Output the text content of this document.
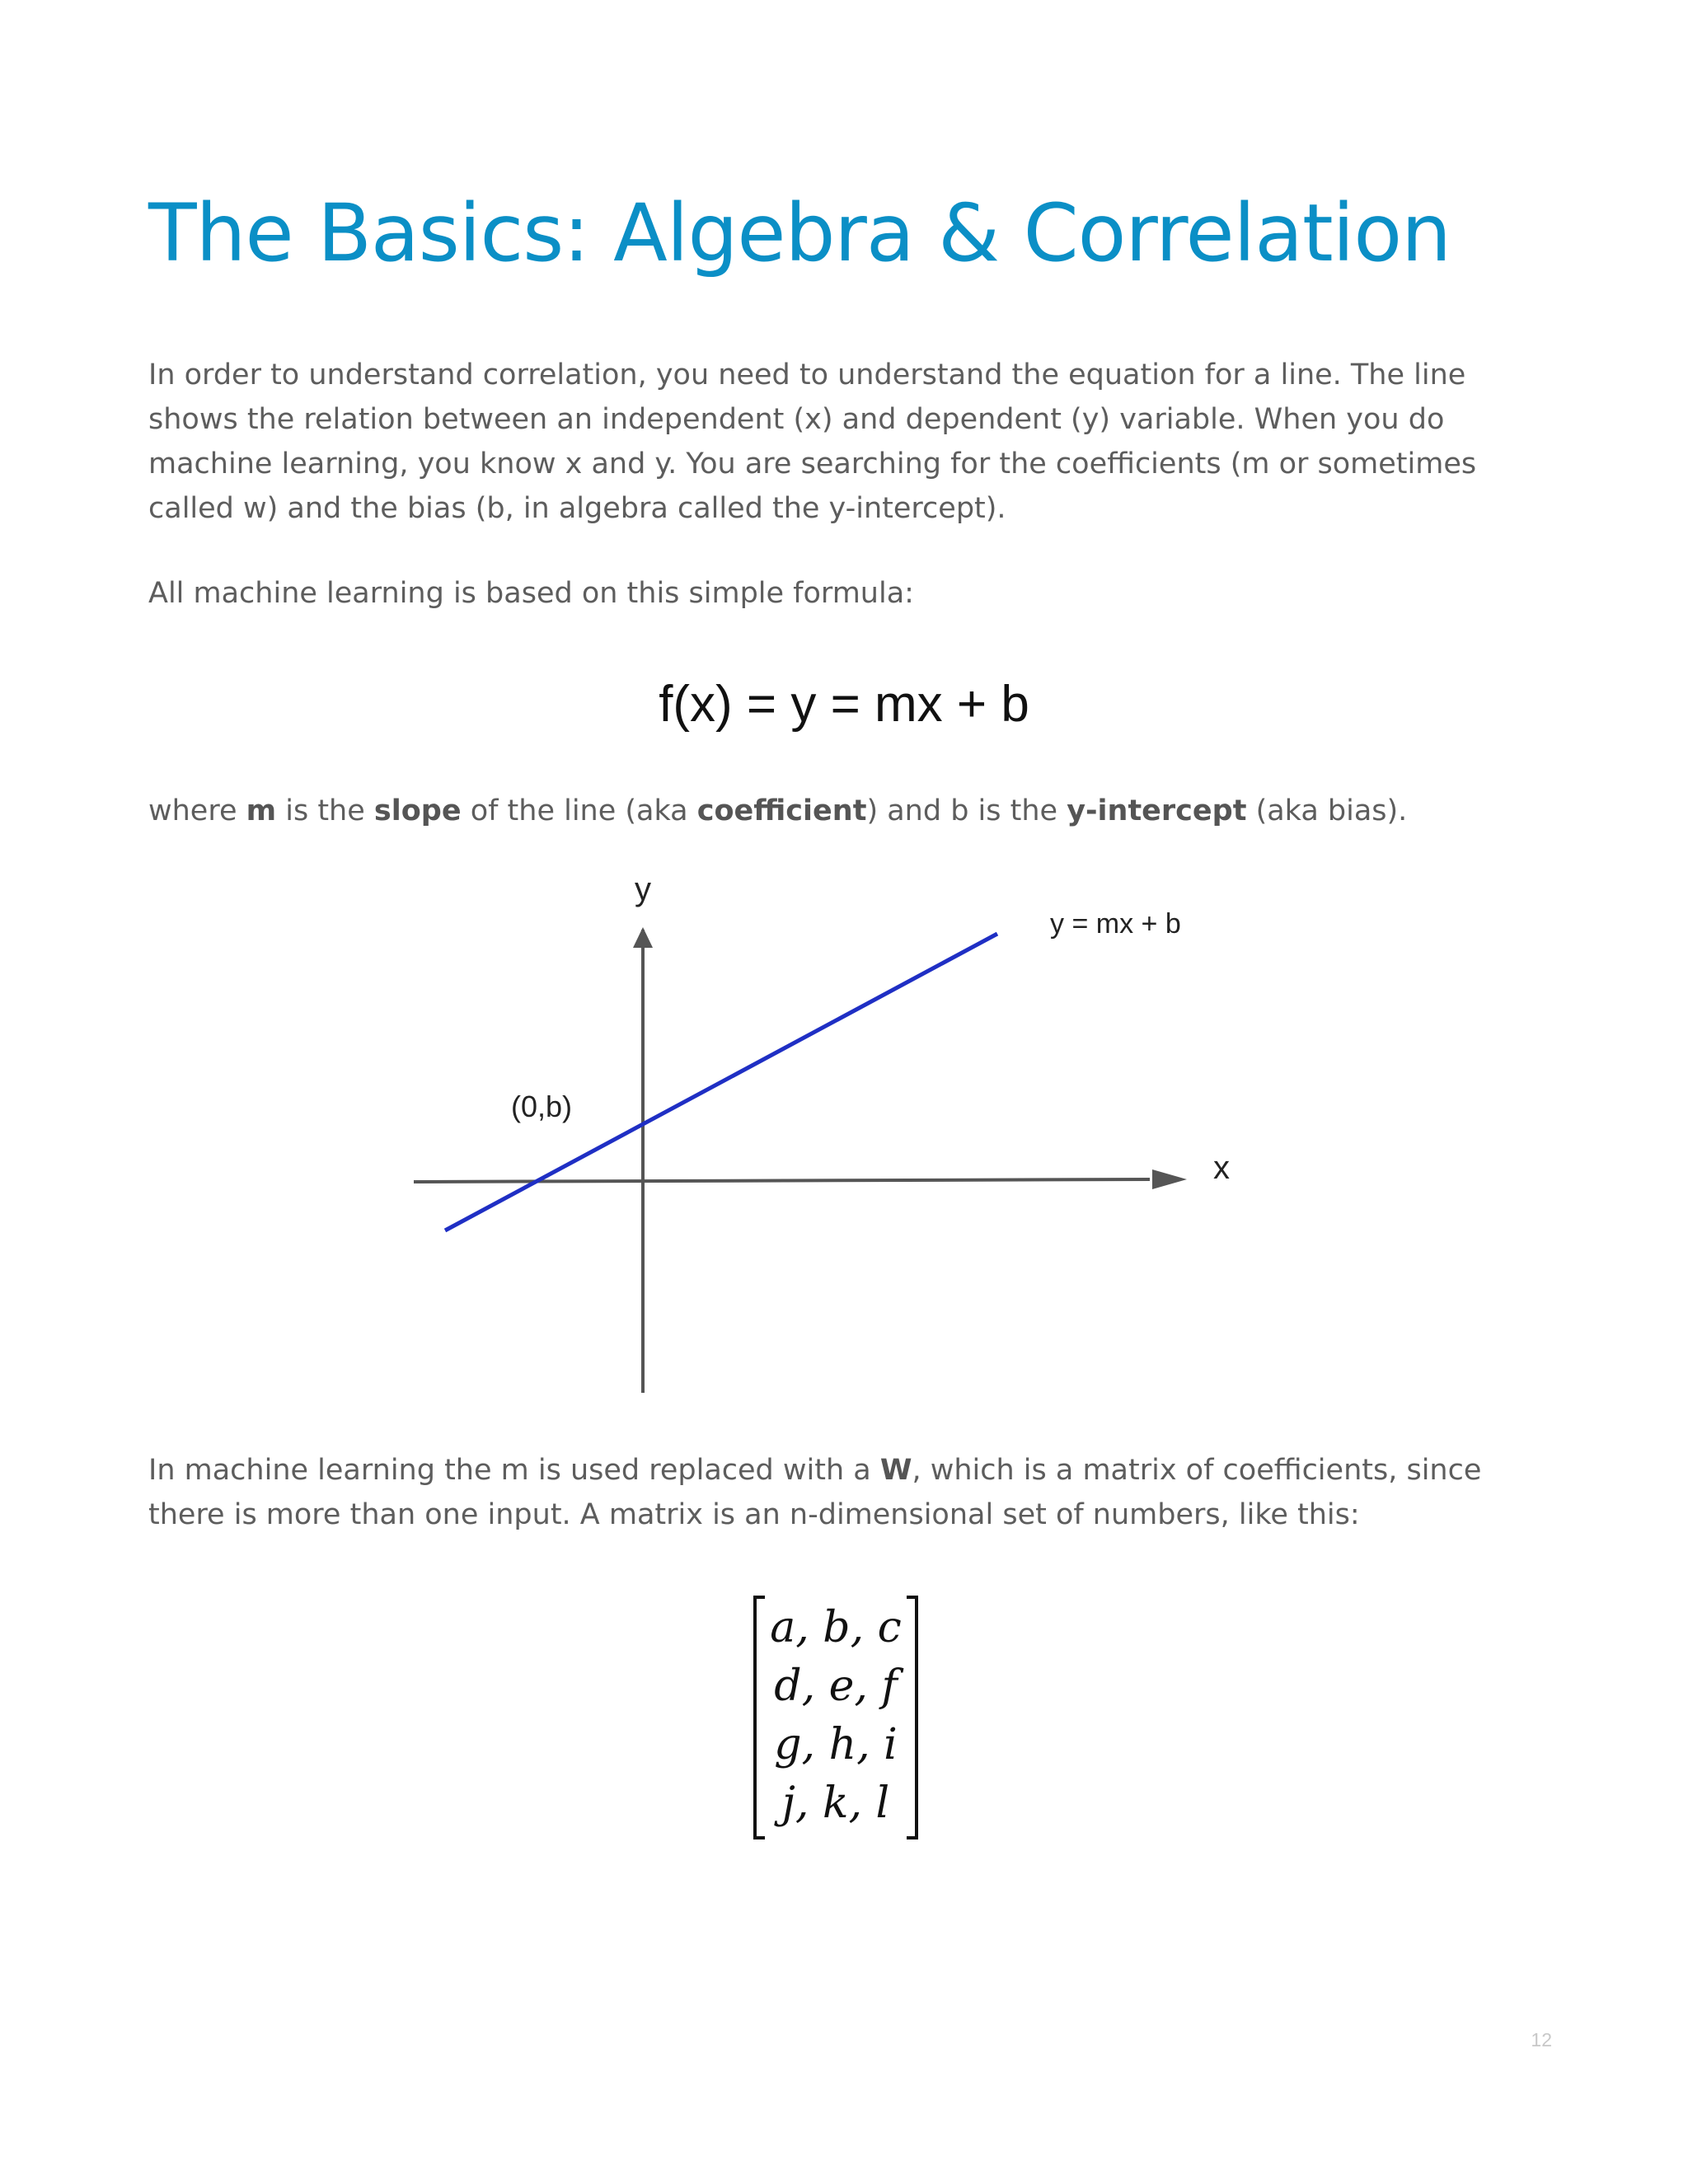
The Basics: Algebra & Correlation

In order to understand correlation, you need to understand the equation for a line. The line shows the relation between an independent (x) and dependent (y) variable. When you do machine learning, you know x and y. You are searching for the coefficients (m or sometimes called w) and the bias (b, in algebra called the y-intercept).

All machine learning is based on this simple formula:

f(x) = y = mx + b

where m is the slope of the line (aka coefficient) and b is the y-intercept (aka bias).

y
x
y = mx + b
(0,b)

In machine learning the m is used replaced with a W, which is a matrix of coefficients, since there is more than one input. A matrix is an n-dimensional set of numbers, like this:

a, b, c
d, e, f
g, h, i
j, k, l
12
